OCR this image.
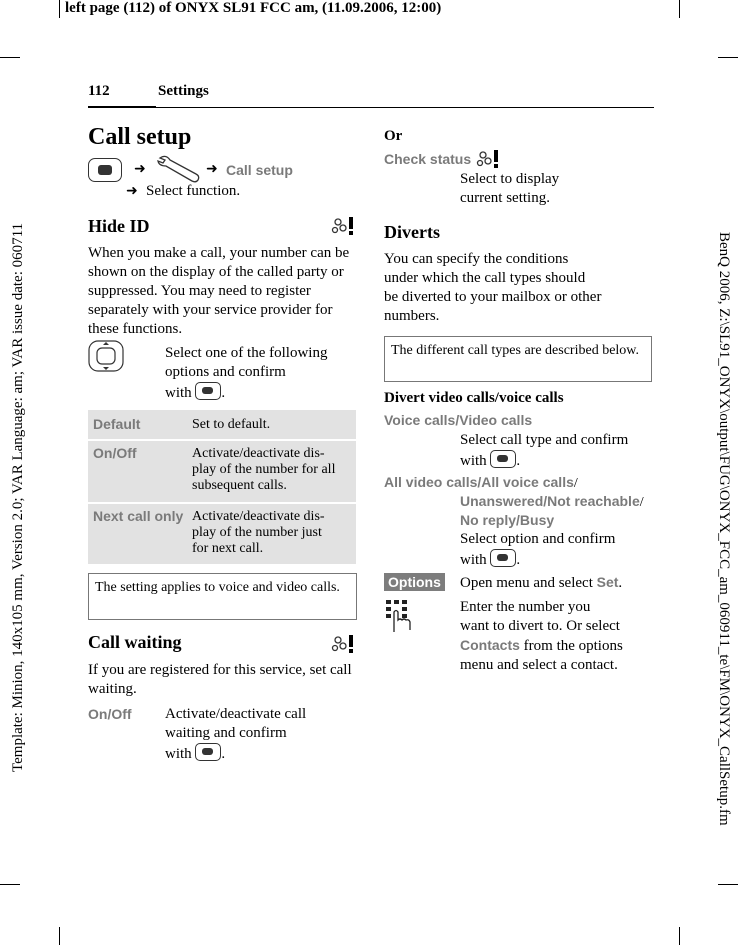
left page (112) of ONYX SL91 FCC am, (11.09.2006, 12:00)
Template: Minion, 140x105 mm, Version 2.0; VAR Language: am; VAR issue date: 060711	BenQ 2006, Z:\SL91_ONYX\output\FUG\ONYX_FCC_am_060911_te\FM\ONYX_CallSetup.fm
112	Settings
Call setup
➜	➜ Call setup
➜ Select function.
Hide ID
When you make a call, your number can be shown on the display of the called party or suppressed. You may need to register separately with your service provider for these functions.
Select one of the following
options and confirm
with .
Default	Set to default.
On/Off	Activate/deactivate dis-
play of the number for all
subsequent calls.
Next call only Activate/deactivate dis-
play of the number just
for next call.
The setting applies to voice and video calls.
Call waiting
If you are registered for this service, set call waiting.
On/Off Activate/deactivate call
waiting and confirm
with .
Or
Check status
Select to display
current setting.
Diverts
You can specify the conditions
under which the call types should
be diverted to your mailbox or other
numbers.
The different call types are described below.
Divert video calls/voice calls
Voice calls/Video calls
Select call type and confirm
with .
All video calls/All voice calls/
Unanswered/Not reachable/
No reply/Busy
Select option and confirm
with .
Options Open menu and select Set.
Enter the number you
want to divert to. Or select
Contacts from the options
menu and select a contact.
